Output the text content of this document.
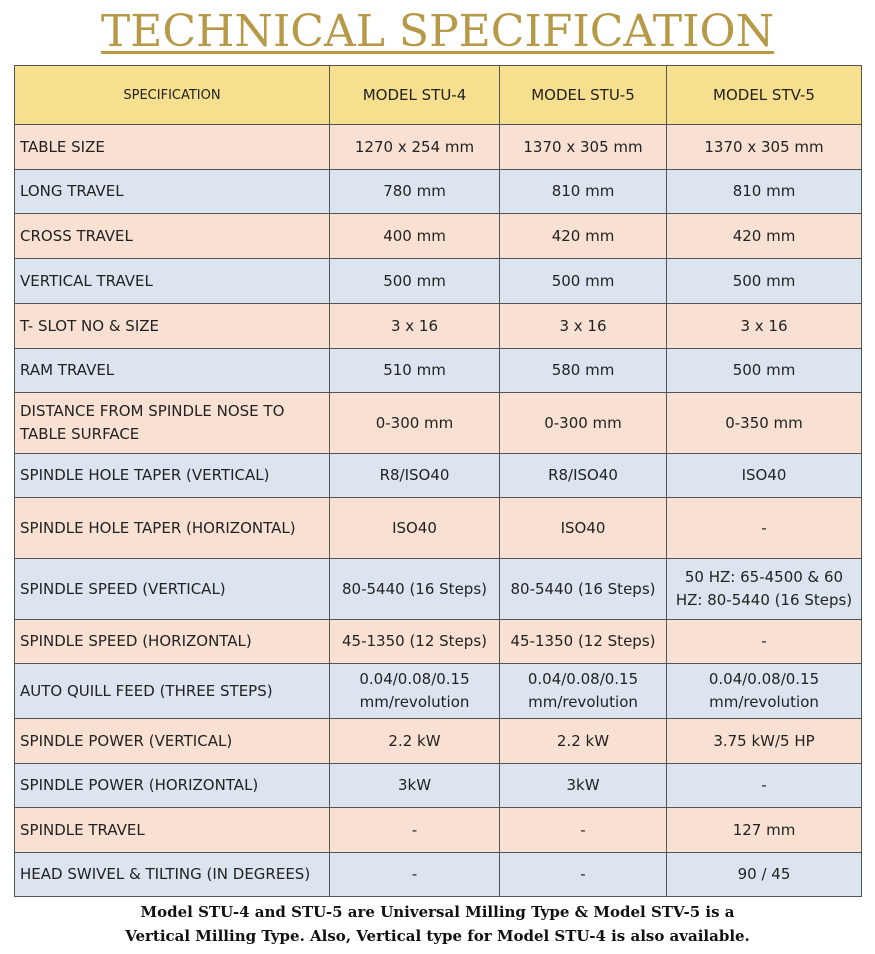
TECHNICAL SPECIFICATION
SPECIFICATION	MODEL STU-4	MODEL STU-5	MODEL STV-5
TABLE SIZE	1270 x 254 mm	1370 x 305 mm	1370 x 305 mm
LONG TRAVEL	780 mm	810 mm	810 mm
CROSS TRAVEL	400 mm	420 mm	420 mm
VERTICAL TRAVEL	500 mm	500 mm	500 mm
T- SLOT NO & SIZE	3 x 16	3 x 16	3 x 16
RAM TRAVEL	510 mm	580 mm	500 mm
DISTANCE FROM SPINDLE NOSE TO TABLE SURFACE	0-300 mm	0-300 mm	0-350 mm
SPINDLE HOLE TAPER (VERTICAL)	R8/ISO40	R8/ISO40	ISO40
SPINDLE HOLE TAPER (HORIZONTAL)	ISO40	ISO40	-
SPINDLE SPEED (VERTICAL)	80-5440 (16 Steps)	80-5440 (16 Steps)	50 HZ: 65-4500 & 60 HZ: 80-5440 (16 Steps)
SPINDLE SPEED (HORIZONTAL)	45-1350 (12 Steps)	45-1350 (12 Steps)	-
AUTO QUILL FEED (THREE STEPS)	0.04/0.08/0.15 mm/revolution	0.04/0.08/0.15 mm/revolution	0.04/0.08/0.15 mm/revolution
SPINDLE POWER (VERTICAL)	2.2 kW	2.2 kW	3.75 kW/5 HP
SPINDLE POWER (HORIZONTAL)	3kW	3kW	-
SPINDLE TRAVEL	-	-	127 mm
HEAD SWIVEL & TILTING (IN DEGREES)	-	-	90 / 45
Model STU-4 and STU-5 are Universal Milling Type & Model STV-5 is a
Vertical Milling Type. Also, Vertical type for Model STU-4 is also available.
